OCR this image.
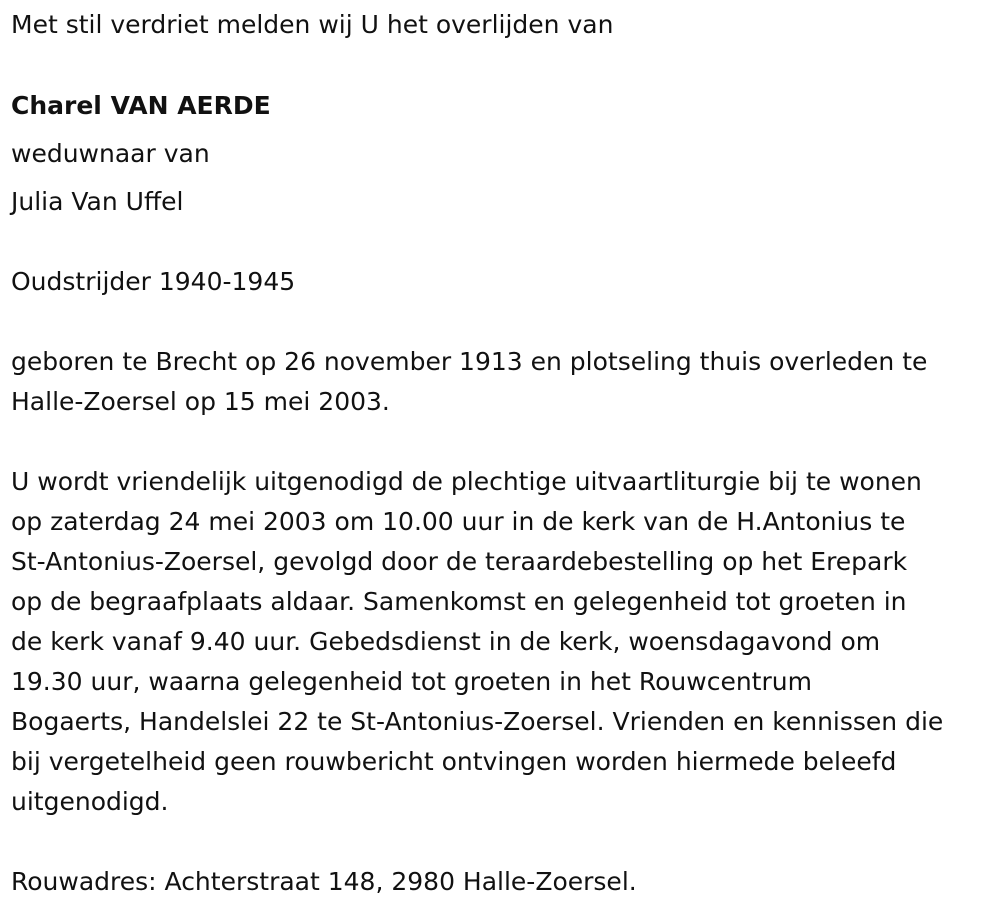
Met stil verdriet melden wij U het overlijden van
Charel VAN AERDE
weduwnaar van
Julia Van Uffel
Oudstrijder 1940-1945
geboren te Brecht op 26 november 1913 en plotseling thuis overleden te
Halle-Zoersel op 15 mei 2003.
U wordt vriendelijk uitgenodigd de plechtige uitvaartliturgie bij te wonen
op zaterdag 24 mei 2003 om 10.00 uur in de kerk van de H.Antonius te
St-Antonius-Zoersel, gevolgd door de teraardebestelling op het Erepark
op de begraafplaats aldaar. Samenkomst en gelegenheid tot groeten in
de kerk vanaf 9.40 uur. Gebedsdienst in de kerk, woensdagavond om
19.30 uur, waarna gelegenheid tot groeten in het Rouwcentrum
Bogaerts, Handelslei 22 te St-Antonius-Zoersel. Vrienden en kennissen die
bij vergetelheid geen rouwbericht ontvingen worden hiermede beleefd
uitgenodigd.
Rouwadres: Achterstraat 148, 2980 Halle-Zoersel.
